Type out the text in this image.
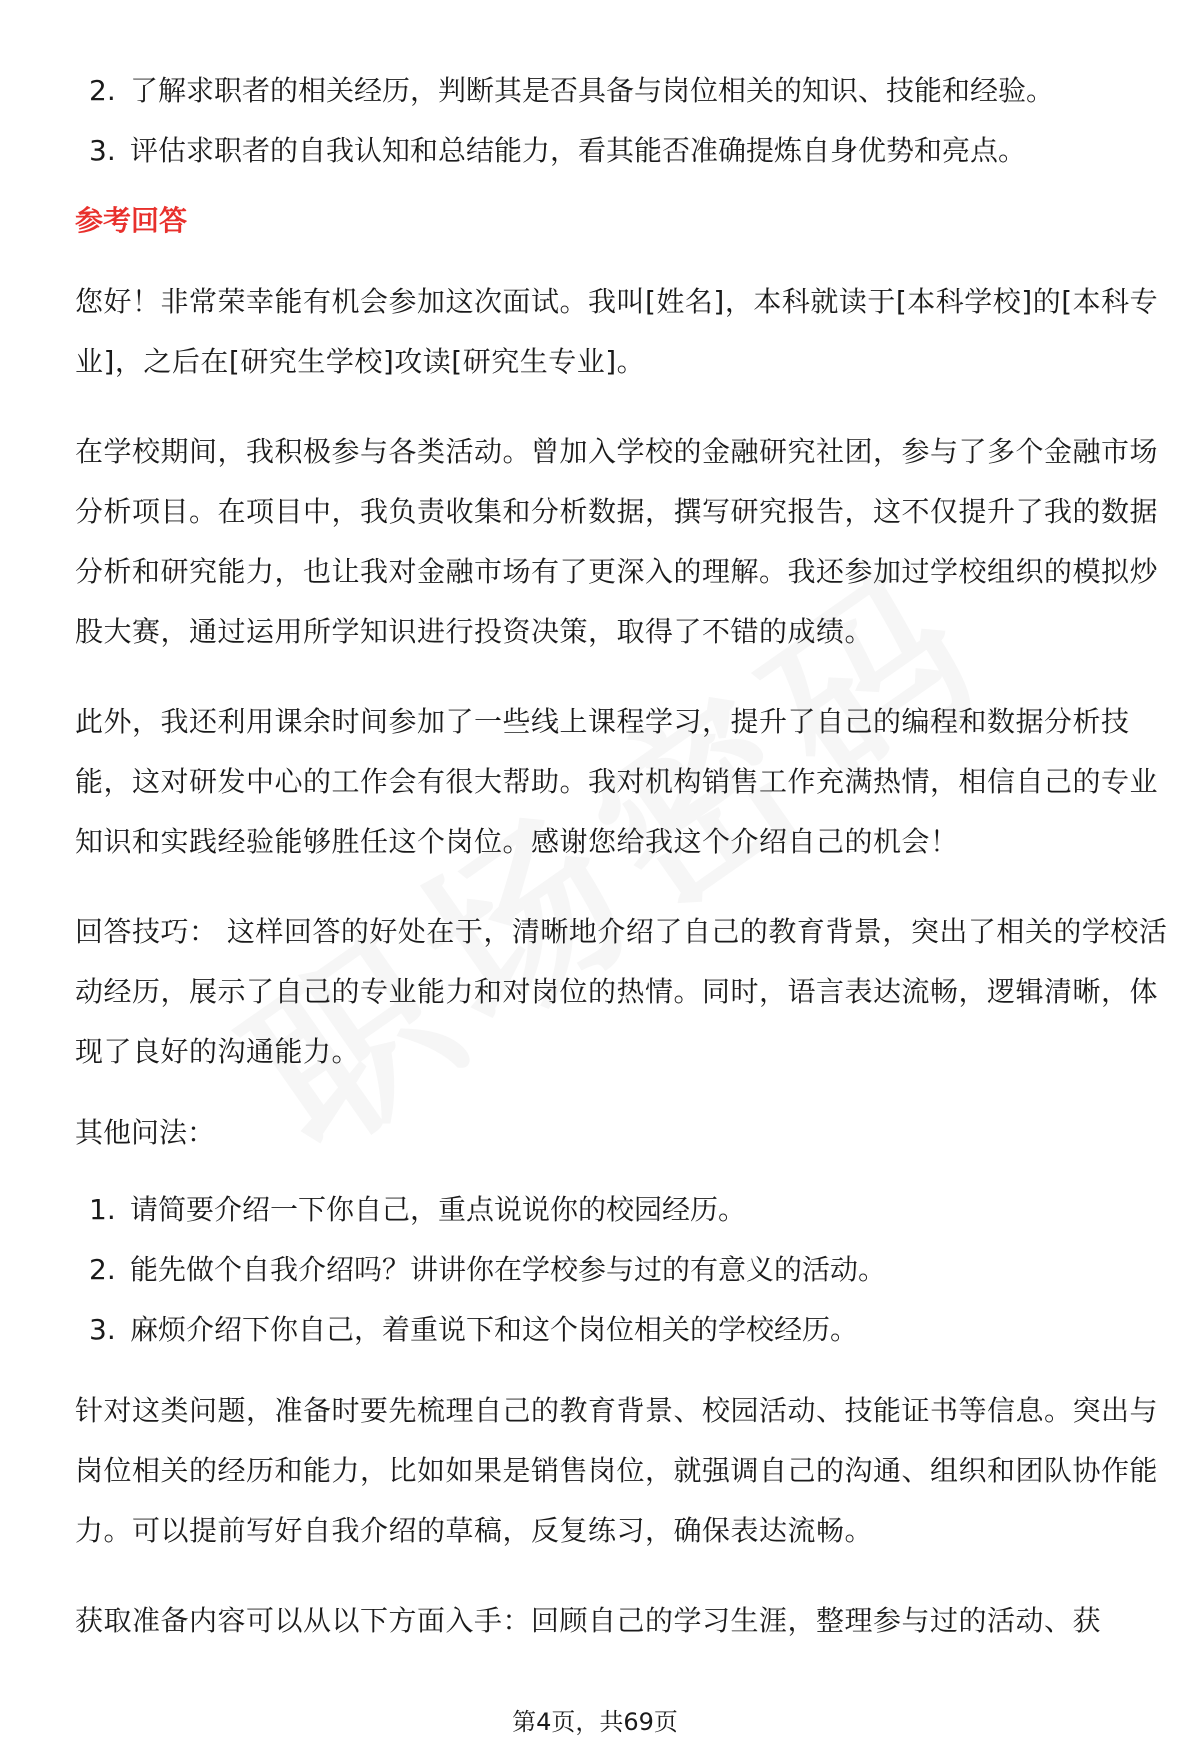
2. 了解求职者的相关经历，判断其是否具备与岗位相关的知识、技能和经验。
3. 评估求职者的自我认知和总结能力，看其能否准确提炼自身优势和亮点。
参考回答

您好！非常荣幸能有机会参加这次面试。我叫[姓名]，本科就读于[本科学校]的[本科专业]，之后在[研究生学校]攻读[研究生专业]。

在学校期间，我积极参与各类活动。曾加入学校的金融研究社团，参与了多个金融市场分析项目。在项目中，我负责收集和分析数据，撰写研究报告，这不仅提升了我的数据分析和研究能力，也让我对金融市场有了更深入的理解。我还参加过学校组织的模拟炒股大赛，通过运用所学知识进行投资决策，取得了不错的成绩。

此外，我还利用课余时间参加了一些线上课程学习，提升了自己的编程和数据分析技能，这对研发中心的工作会有很大帮助。我对机构销售工作充满热情，相信自己的专业知识和实践经验能够胜任这个岗位。感谢您给我这个介绍自己的机会！

回答技巧： 这样回答的好处在于，清晰地介绍了自己的教育背景，突出了相关的学校活动经历，展示了自己的专业能力和对岗位的热情。同时，语言表达流畅，逻辑清晰，体现了良好的沟通能力。

其他问法：
1. 请简要介绍一下你自己，重点说说你的校园经历。
2. 能先做个自我介绍吗？讲讲你在学校参与过的有意义的活动。
3. 麻烦介绍下你自己，着重说下和这个岗位相关的学校经历。

针对这类问题，准备时要先梳理自己的教育背景、校园活动、技能证书等信息。突出与岗位相关的经历和能力，比如如果是销售岗位，就强调自己的沟通、组织和团队协作能力。可以提前写好自我介绍的草稿，反复练习，确保表达流畅。

获取准备内容可以从以下方面入手：回顾自己的学习生涯，整理参与过的活动、获

第4页，共69页
